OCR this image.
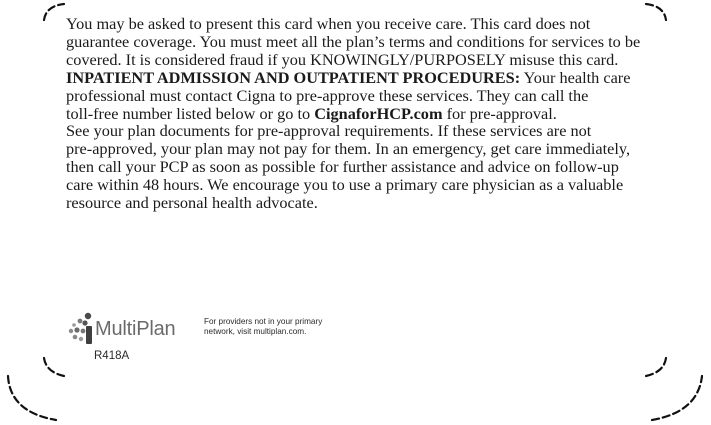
You may be asked to present this card when you receive care. This card does not
guarantee coverage. You must meet all the plan’s terms and conditions for services to be
covered. It is considered fraud if you KNOWINGLY/PURPOSELY misuse this card.
INPATIENT ADMISSION AND OUTPATIENT PROCEDURES: Your health care
professional must contact Cigna to pre-approve these services. They can call the
toll-free number listed below or go to CignaforHCP.com for pre-approval.
See your plan documents for pre-approval requirements. If these services are not
pre-approved, your plan may not pay for them. In an emergency, get care immediately,
then call your PCP as soon as possible for further assistance and advice on follow-up
care within 48 hours. We encourage you to use a primary care physician as a valuable
resource and personal health advocate.
MultiPlan	For providers not in your primary
network, visit multiplan.com.
R418A
